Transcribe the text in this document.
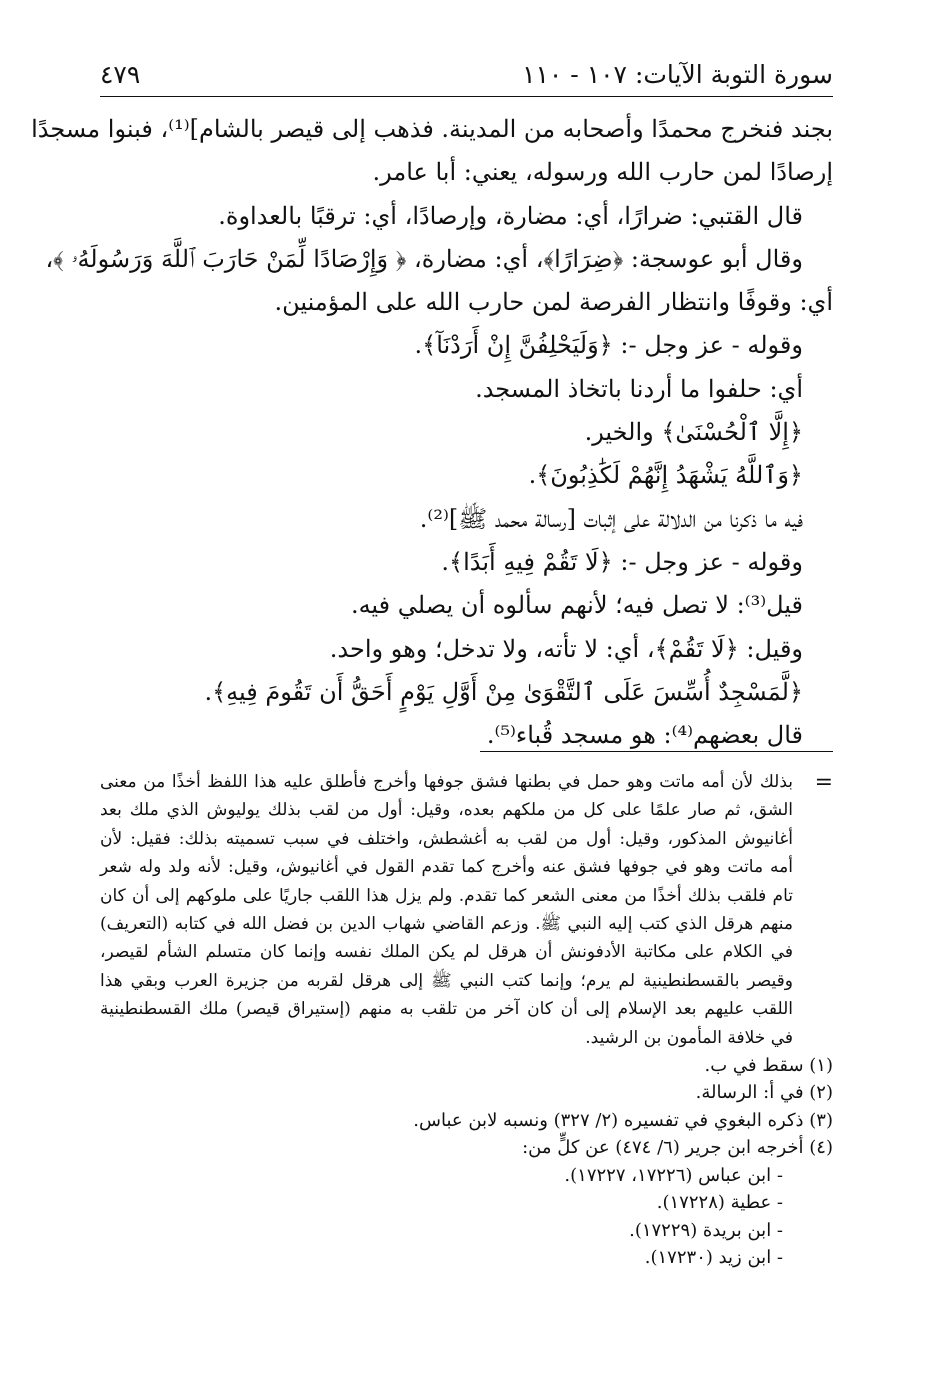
سورة التوبة الآيات: ١٠٧ - ١١٠
٤٧٩
بجند فنخرج محمدًا وأصحابه من المدينة. فذهب إلى قيصر بالشام]⁽¹⁾، فبنوا مسجدًا
إرصادًا لمن حارب الله ورسوله، يعني: أبا عامر.
قال القتبي: ضرارًا، أي: مضارة، وإرصادًا، أي: ترقبًا بالعداوة.
وقال أبو عوسجة: ﴿ضِرَارًا﴾، أي: مضارة، ﴿ وَإِرْصَادًا لِّمَنْ حَارَبَ ٱللَّهَ وَرَسُولَهُۥ ﴾،
أي: وقوفًا وانتظار الفرصة لمن حارب الله على المؤمنين.
وقوله - عز وجل -: ﴿وَلَيَحْلِفُنَّ إِنْ أَرَدْنَآ﴾.
أي: حلفوا ما أردنا باتخاذ المسجد.
﴿إِلَّا ٱلْحُسْنَىٰ﴾ والخير.
﴿وَٱللَّهُ يَشْهَدُ إِنَّهُمْ لَكَٰذِبُونَ﴾.
فيه ما ذكرنا من الدلالة على إثبات [رسالة محمد ﷺ]⁽²⁾.
وقوله - عز وجل -: ﴿لَا تَقُمْ فِيهِ أَبَدًا﴾.
قيل⁽³⁾: لا تصل فيه؛ لأنهم سألوه أن يصلي فيه.
وقيل: ﴿لَا تَقُمْ﴾، أي: لا تأته، ولا تدخل؛ وهو واحد.
﴿لَّمَسْجِدٌ أُسِّسَ عَلَى ٱلتَّقْوَىٰ مِنْ أَوَّلِ يَوْمٍ أَحَقُّ أَن تَقُومَ فِيهِ﴾.
قال بعضهم⁽⁴⁾: هو مسجد قُباء⁽⁵⁾.
=
بذلك لأن أمه ماتت وهو حمل في بطنها فشق جوفها وأخرج فأطلق عليه هذا اللفظ أخذًا من معنى
الشق، ثم صار علمًا على كل من ملكهم بعده، وقيل: أول من لقب بذلك يوليوش الذي ملك بعد
أغانيوش المذكور، وقيل: أول من لقب به أغشطش، واختلف في سبب تسميته بذلك: فقيل: لأن
أمه ماتت وهو في جوفها فشق عنه وأخرج كما تقدم القول في أغانيوش، وقيل: لأنه ولد وله شعر
تام فلقب بذلك أخذًا من معنى الشعر كما تقدم. ولم يزل هذا اللقب جاريًا على ملوكهم إلى أن كان
منهم هرقل الذي كتب إليه النبي ﷺ. وزعم القاضي شهاب الدين بن فضل الله في كتابه (التعريف)
في الكلام على مكاتبة الأدفونش أن هرقل لم يكن الملك نفسه وإنما كان متسلم الشأم لقيصر،
وقيصر بالقسطنطينية لم يرم؛ وإنما كتب النبي ﷺ إلى هرقل لقربه من جزيرة العرب وبقي هذا
اللقب عليهم بعد الإسلام إلى أن كان آخر من تلقب به منهم (إستيراق قيصر) ملك القسطنطينية
في خلافة المأمون بن الرشيد.
(١) سقط في ب.
(٢) في أ: الرسالة.
(٣) ذكره البغوي في تفسيره (٢/ ٣٢٧) ونسبه لابن عباس.
(٤) أخرجه ابن جرير (٦/ ٤٧٤) عن كلٍّ من:
- ابن عباس (١٧٢٢٦، ١٧٢٢٧).
- عطية (١٧٢٢٨).
- ابن بريدة (١٧٢٢٩).
- ابن زيد (١٧٢٣٠).
